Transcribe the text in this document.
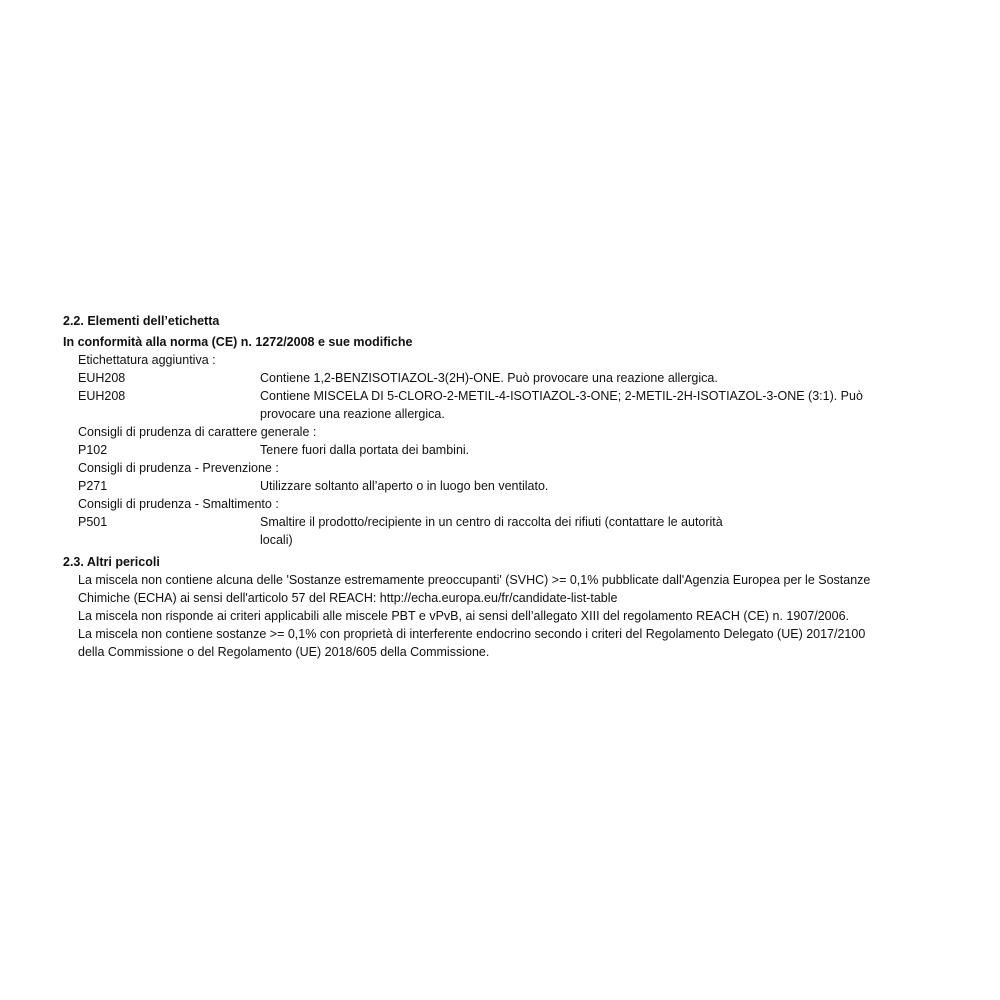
2.2. Elementi dell’etichetta
In conformità alla norma (CE) n. 1272/2008 e sue modifiche
Etichettatura aggiuntiva :
EUH208	Contiene 1,2-BENZISOTIAZOL-3(2H)-ONE. Può provocare una reazione allergica.
EUH208	Contiene MISCELA DI 5-CLORO-2-METIL-4-ISOTIAZOL-3-ONE; 2-METIL-2H-ISOTIAZOL-3-ONE (3:1). Può
provocare una reazione allergica.
Consigli di prudenza di carattere generale :
P102	Tenere fuori dalla portata dei bambini.
Consigli di prudenza - Prevenzione :
P271	Utilizzare soltanto all’aperto o in luogo ben ventilato.
Consigli di prudenza - Smaltimento :
P501	Smaltire il prodotto/recipiente in un centro di raccolta dei rifiuti (contattare le autorità
locali)
2.3. Altri pericoli
La miscela non contiene alcuna delle 'Sostanze estremamente preoccupanti' (SVHC) >= 0,1% pubblicate dall'Agenzia Europea per le Sostanze
Chimiche (ECHA) ai sensi dell'articolo 57 del REACH: http://echa.europa.eu/fr/candidate-list-table
La miscela non risponde ai criteri applicabili alle miscele PBT e vPvB, ai sensi dell’allegato XIII del regolamento REACH (CE) n. 1907/2006.
La miscela non contiene sostanze >= 0,1% con proprietà di interferente endocrino secondo i criteri del Regolamento Delegato (UE) 2017/2100
della Commissione o del Regolamento (UE) 2018/605 della Commissione.
